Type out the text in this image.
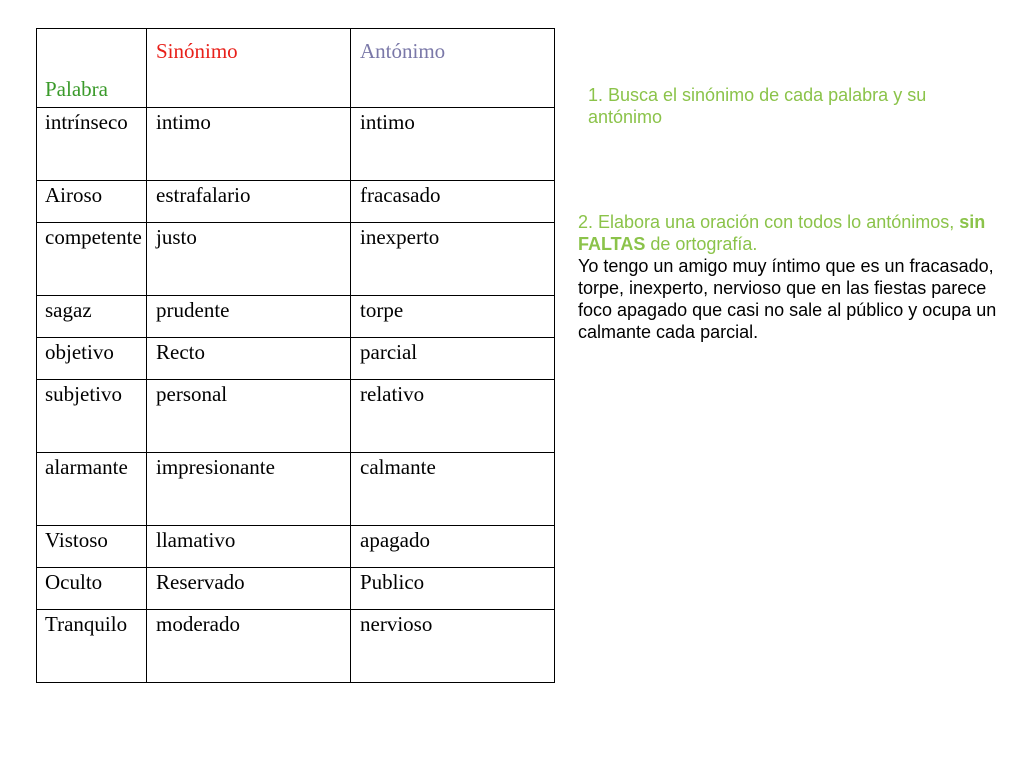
Palabra	Sinónimo	Antónimo
intrínseco	intimo	intimo
Airoso	estrafalario	fracasado
competente	justo	inexperto
sagaz	prudente	torpe
objetivo	Recto	parcial
subjetivo	personal	relativo
alarmante	impresionante	calmante
Vistoso	llamativo	apagado
Oculto	Reservado	Publico
Tranquilo	moderado	nervioso
1. Busca el sinónimo de cada palabra y su antónimo
2. Elabora una oración con todos lo antónimos, sin FALTAS de ortografía.
Yo tengo un amigo muy íntimo que es un fracasado, torpe, inexperto, nervioso que en las fiestas parece foco apagado que casi no sale al público y ocupa un calmante cada parcial.
